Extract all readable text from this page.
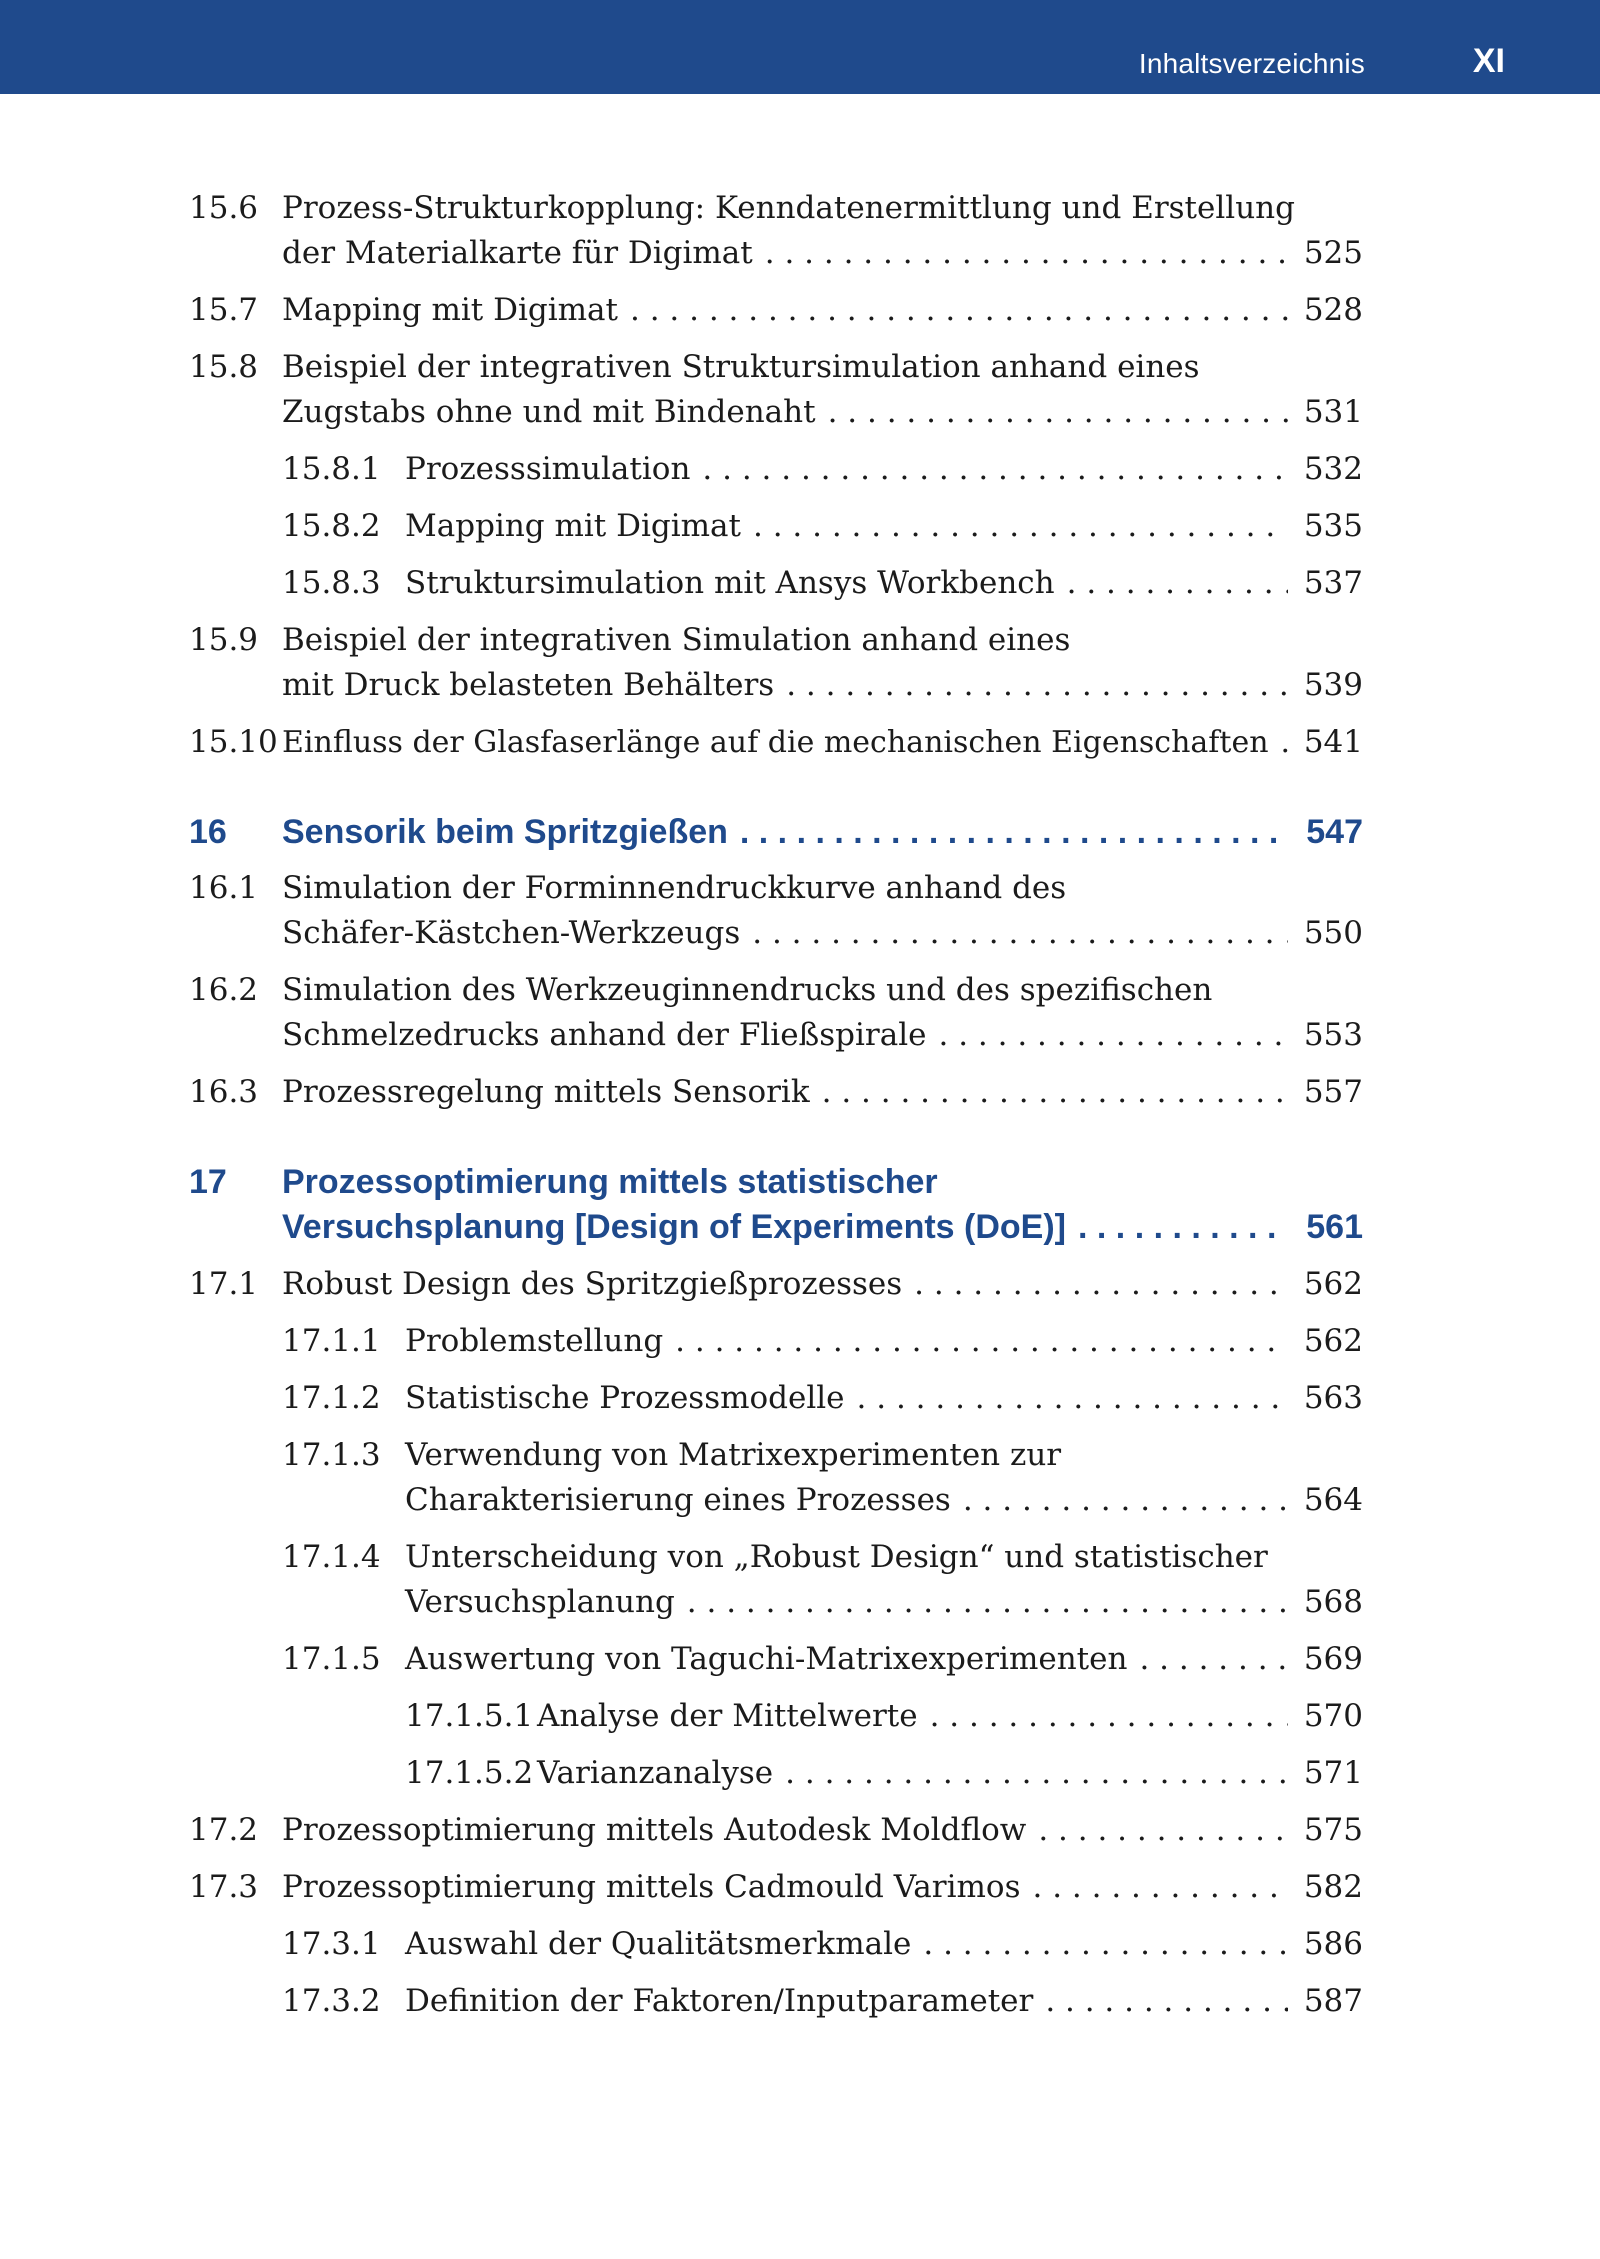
Inhaltsverzeichnis	XI
15.6 Prozess-Strukturkopplung: Kenndatenermittlung und Erstellung
der Materialkarte für Digimat . . .	525
15.7 Mapping mit Digimat . . .	528
15.8 Beispiel der integrativen Struktursimulation anhand eines
Zugstabs ohne und mit Bindenaht . . .	531
15.8.1 Prozesssimulation . . .	532
15.8.2 Mapping mit Digimat . . .	535
15.8.3 Struktursimulation mit Ansys Workbench . . .	537
15.9 Beispiel der integrativen Simulation anhand eines
mit Druck belasteten Behälters . . .	539
15.10 Einfluss der Glasfaserlänge auf die mechanischen Eigenschaften . . . 541
16 Sensorik beim Spritzgießen . . .	547
16.1 Simulation der Forminnendruckkurve anhand des
Schäfer-Kästchen-Werkzeugs . . .	550
16.2 Simulation des Werkzeuginnendrucks und des spezifischen
Schmelzedrucks anhand der Fließspirale . . .	553
16.3 Prozessregelung mittels Sensorik . . .	557
17 Prozessoptimierung mittels statistischer
Versuchsplanung [Design of Experiments (DoE)] . . .	561
17.1 Robust Design des Spritzgießprozesses . . .	562
17.1.1 Problemstellung . . .	562
17.1.2 Statistische Prozessmodelle . . .	563
17.1.3 Verwendung von Matrixexperimenten zur
Charakterisierung eines Prozesses . . .	564
17.1.4 Unterscheidung von „Robust Design“ und statistischer
Versuchsplanung . . .	568
17.1.5 Auswertung von Taguchi-Matrixexperimenten . . .	569
17.1.5.1 Analyse der Mittelwerte . . .	570
17.1.5.2 Varianzanalyse . . .	571
17.2 Prozessoptimierung mittels Autodesk Moldflow . . .	575
17.3 Prozessoptimierung mittels Cadmould Varimos . . .	582
17.3.1 Auswahl der Qualitätsmerkmale . . .	586
17.3.2 Definition der Faktoren/Inputparameter . . .	587
